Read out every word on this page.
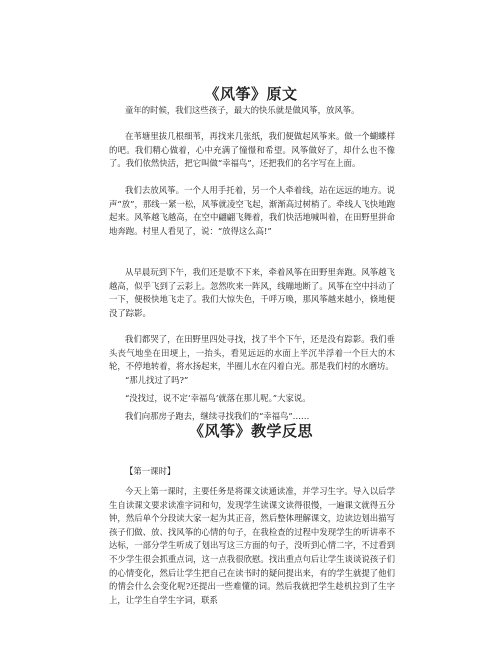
《风筝》原文

童年的时候，我们这些孩子，最大的快乐就是做风筝，放风筝。

在苇塘里拔几根细苇，再找来几张纸，我们便做起风筝来。做一个蝴蝶样的吧。我们精心做着，心中充满了憧憬和希望。风筝做好了，却什么也不像了。我们依然快活，把它叫做“幸福鸟”，还把我们的名字写在上面。

我们去放风筝。一个人用手托着，另一个人牵着线，站在远远的地方。说声“放”，那线一紧一松，风筝就凌空飞起，渐渐高过树梢了。牵线人飞快地跑起来。风筝越飞越高，在空中翩翩飞舞着，我们快活地喊叫着，在田野里拼命地奔跑。村里人看见了，说：“放得这么高!”

从早晨玩到下午，我们还是歇不下来，牵着风筝在田野里奔跑。风筝越飞越高，似乎飞到了云彩上。忽然吹来一阵风，线嘣地断了。风筝在空中抖动了一下，便极快地飞走了。我们大惊失色，千呼万唤，那风筝越来越小，倏地便没了踪影。

我们都哭了，在田野里四处寻找，找了半个下午，还是没有踪影。我们垂头丧气地坐在田埂上，一抬头，看见远远的水面上半沉半浮着一个巨大的木轮，不停地转着，将水扬起来，半圈儿水在闪着白光。那是我们村的水磨坊。

“那儿找过了吗?”

“没找过，说不定‘幸福鸟’就落在那儿呢。”大家说。

我们向那房子跑去，继续寻找我们的“幸福鸟”……

《风筝》教学反思

【第一课时】

今天上第一课时，主要任务是将课文读通读准，并学习生字。导入以后学生自读课文要求读准字词和句，发现学生读课文读得很慢，一遍课文就得五分钟，然后单个分段读大家一起为其正音，然后整体理解课文，边读边划出描写孩子们做、放、找风筝的心情的句子，在我检查的过程中发现学生的听讲率不达标，一部分学生听成了划出写这三方面的句子，没听到心情二字，不过看到不少学生很会抓重点词，这一点我很欣慰。找出重点句后让学生谈谈说孩子们的心情变化，然后让学生把自己在读书时的疑问提出来，有的学生就提了他们的情会什么会变化呢?还提出一些难懂的词。然后我就把学生趁机拉到了生字上，让学生自学生字词，联系
